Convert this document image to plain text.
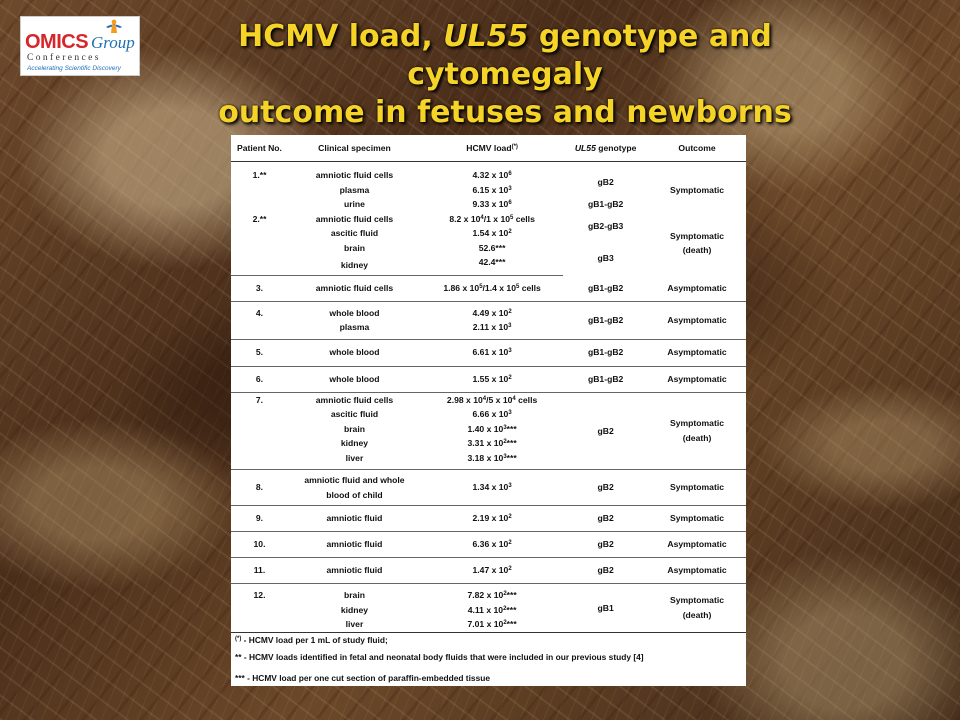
OMICS Group
Conferences
Accelerating Scientific Discovery
HCMV load, UL55 genotype and cytomegaly
outcome in fetuses and newborns
Patient No.	Clinical specimen	HCMV load(*)	UL55 genotype	Outcome

1.**	amniotic fluid cells	4.32 x $10^6$	gB2	Symptomatic
	plasma	6.15 x $10^3$
	urine	9.33 x $10^6$	gB1-gB2	
2.**	amniotic fluid cells	8.2 x $10^4/1$ x $10^5$ cells	gB2-gB3	Symptomatic (death)
	ascitic fluid	1.54 x $10^2$
	brain	52.6***	gB3	
	kidney	42.4***		
3.	amniotic fluid cells	1.86 x $10^5/1.4$ x $10^5$ cells	gB1-gB2	Asymptomatic
4.	whole blood	4.49 x $10^2$	gB1-gB2	Asymptomatic
	plasma	2.11 x $10^3$
5.	whole blood	6.61 x $10^3$	gB1-gB2	Asymptomatic
6.	whole blood	1.55 x $10^2$	gB1-gB2	Asymptomatic
7.	amniotic fluid cells	2.98 x $10^4/5$ x $10^4$ cells	gB2	Symptomatic (death)
	ascitic fluid	6.66 x $10^3$
	brain	1.40 x $10^3***$		
	kidney	3.31 x $10^2***$		
	liver	3.18 x $10^3***$		
8.	amniotic fluid and whole blood of child	1.34 x $10^3$	gB2	Symptomatic
9.	amniotic fluid	2.19 x $10^2$	gB2	Symptomatic
10.	amniotic fluid	6.36 x $10^2$	gB2	Asymptomatic
11.	amniotic fluid	1.47 x $10^2$	gB2	Asymptomatic
12.	brain	7.82 x $10^2***$	gB1	Symptomatic (death)
	kidney	4.11 x $10^2***$		
	liver	7.01 x $10^2***$		

(*) - HCMV load per 1 mL of study fluid;

** - HCMV loads identified in fetal and neonatal body fluids that were included in our previous study [4]

*** - HCMV load per one cut section of paraffin-embedded tissue
